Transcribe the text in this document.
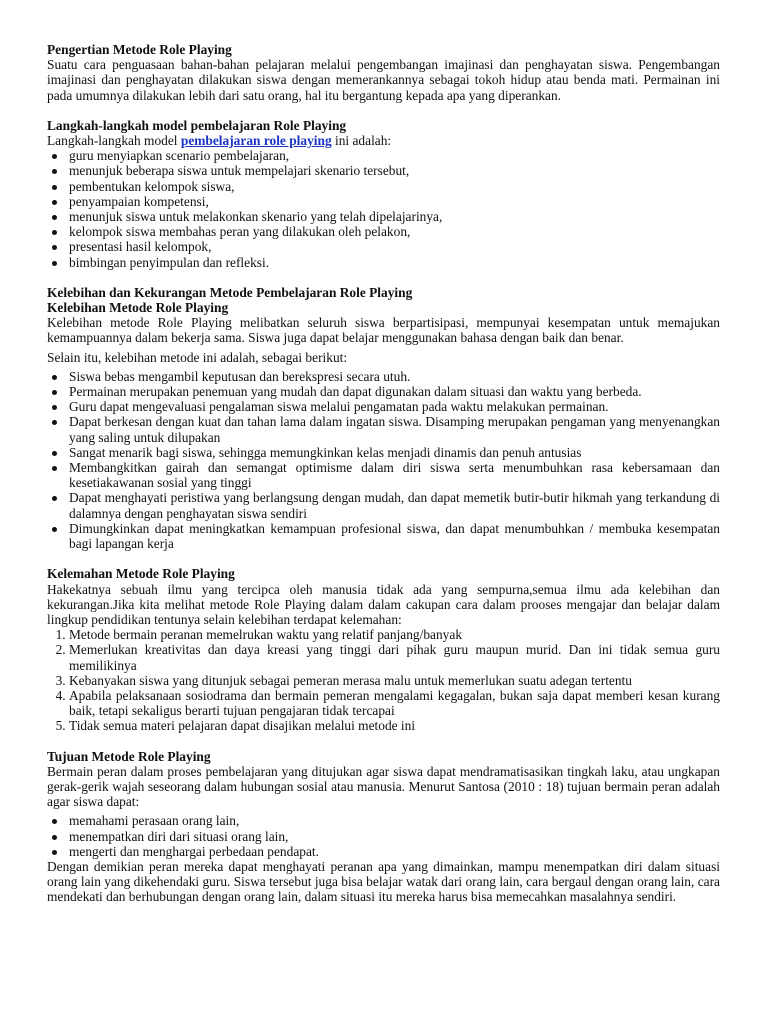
Pengertian Metode Role Playing

Suatu cara penguasaan bahan-bahan pelajaran melalui pengembangan imajinasi dan penghayatan siswa. Pengembangan imajinasi dan penghayatan dilakukan siswa dengan memerankannya sebagai tokoh hidup atau benda mati. Permainan ini pada umumnya dilakukan lebih dari satu orang, hal itu bergantung kepada apa yang diperankan.

Langkah-langkah model pembelajaran Role Playing

Langkah-langkah model pembelajaran role playing ini adalah:

guru menyiapkan scenario pembelajaran,
menunjuk beberapa siswa untuk mempelajari skenario tersebut,
pembentukan kelompok siswa,
penyampaian kompetensi,
menunjuk siswa untuk melakonkan skenario yang telah dipelajarinya,
kelompok siswa membahas peran yang dilakukan oleh pelakon,
presentasi hasil kelompok,
bimbingan penyimpulan dan refleksi.
Kelebihan dan Kekurangan Metode Pembelajaran Role Playing
Kelebihan Metode Role Playing

Kelebihan metode Role Playing melibatkan seluruh siswa berpartisipasi, mempunyai kesempatan untuk memajukan kemampuannya dalam bekerja sama. Siswa juga dapat belajar menggunakan bahasa dengan baik dan benar.

Selain itu, kelebihan metode ini adalah, sebagai berikut:

Siswa bebas mengambil keputusan dan berekspresi secara utuh.
Permainan merupakan penemuan yang mudah dan dapat digunakan dalam situasi dan waktu yang berbeda.
Guru dapat mengevaluasi pengalaman siswa melalui pengamatan pada waktu melakukan permainan.
Dapat berkesan dengan kuat dan tahan lama dalam ingatan siswa. Disamping merupakan pengaman yang menyenangkan yang saling untuk dilupakan
Sangat menarik bagi siswa, sehingga memungkinkan kelas menjadi dinamis dan penuh antusias
Membangkitkan gairah dan semangat optimisme dalam diri siswa serta menumbuhkan rasa kebersamaan dan kesetiakawanan sosial yang tinggi
Dapat menghayati peristiwa yang berlangsung dengan mudah, dan dapat memetik butir-butir hikmah yang terkandung di dalamnya dengan penghayatan siswa sendiri
Dimungkinkan dapat meningkatkan kemampuan profesional siswa, dan dapat menumbuhkan / membuka kesempatan bagi lapangan kerja
Kelemahan Metode Role Playing

Hakekatnya sebuah ilmu yang tercipca oleh manusia tidak ada yang sempurna,semua ilmu ada kelebihan dan kekurangan.Jika kita melihat metode Role Playing dalam dalam cakupan cara dalam prooses mengajar dan belajar dalam lingkup pendidikan tentunya selain kelebihan terdapat kelemahan:

1. Metode bermain peranan memelrukan waktu yang relatif panjang/banyak
2. Memerlukan kreativitas dan daya kreasi yang tinggi dari pihak guru maupun murid. Dan ini tidak semua guru memilikinya
3. Kebanyakan siswa yang ditunjuk sebagai pemeran merasa malu untuk memerlukan suatu adegan tertentu
4. Apabila pelaksanaan sosiodrama dan bermain pemeran mengalami kegagalan, bukan saja dapat memberi kesan kurang baik, tetapi sekaligus berarti tujuan pengajaran tidak tercapai
5. Tidak semua materi pelajaran dapat disajikan melalui metode ini
Tujuan Metode Role Playing

Bermain peran dalam proses pembelajaran yang ditujukan agar siswa dapat mendramatisasikan tingkah laku, atau ungkapan gerak-gerik wajah seseorang dalam hubungan sosial atau manusia. Menurut Santosa (2010 : 18) tujuan bermain peran adalah agar siswa dapat:

memahami perasaan orang lain,
menempatkan diri dari situasi orang lain,
mengerti dan menghargai perbedaan pendapat.

Dengan demikian peran mereka dapat menghayati peranan apa yang dimainkan, mampu menempatkan diri dalam situasi orang lain yang dikehendaki guru. Siswa tersebut juga bisa belajar watak dari orang lain, cara bergaul dengan orang lain, cara mendekati dan berhubungan dengan orang lain, dalam situasi itu mereka harus bisa memecahkan masalahnya sendiri.
